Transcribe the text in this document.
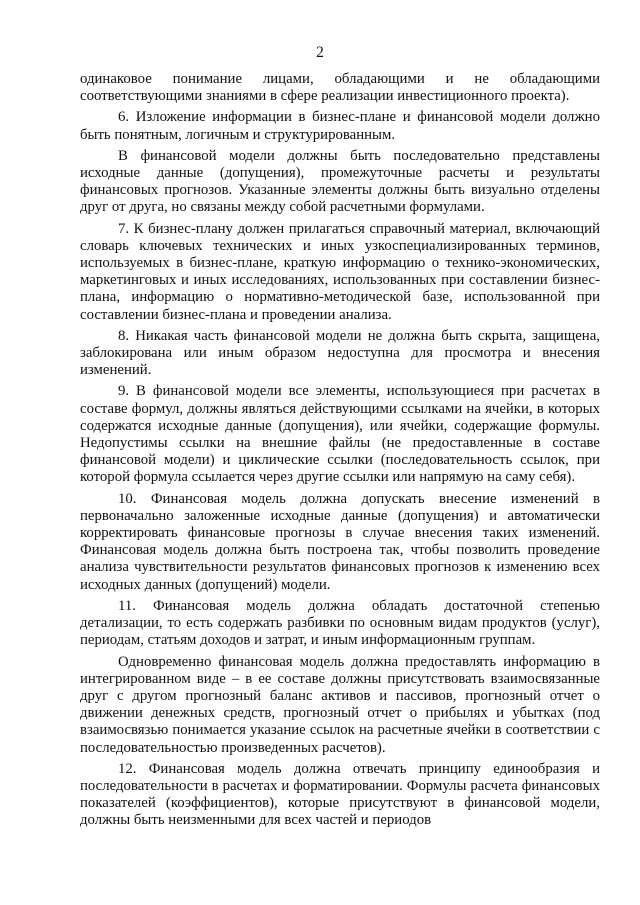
2

одинаковое понимание лицами, обладающими и не обладающими соответствующими знаниями в сфере реализации инвестиционного проекта).

6. Изложение информации в бизнес-плане и финансовой модели должно быть понятным, логичным и структурированным.

В финансовой модели должны быть последовательно представлены исходные данные (допущения), промежуточные расчеты и результаты финансовых прогнозов. Указанные элементы должны быть визуально отделены друг от друга, но связаны между собой расчетными формулами.

7. К бизнес-плану должен прилагаться справочный материал, включающий словарь ключевых технических и иных узкоспециализированных терминов, используемых в бизнес-плане, краткую информацию о технико-экономических, маркетинговых и иных исследованиях, использованных при составлении бизнес-плана, информацию о нормативно-методической базе, использованной при составлении бизнес-плана и проведении анализа.

8. Никакая часть финансовой модели не должна быть скрыта, защищена, заблокирована или иным образом недоступна для просмотра и внесения изменений.

9. В финансовой модели все элементы, использующиеся при расчетах в составе формул, должны являться действующими ссылками на ячейки, в которых содержатся исходные данные (допущения), или ячейки, содержащие формулы. Недопустимы ссылки на внешние файлы (не предоставленные в составе финансовой модели) и циклические ссылки (последовательность ссылок, при которой формула ссылается через другие ссылки или напрямую на саму себя).

10. Финансовая модель должна допускать внесение изменений в первоначально заложенные исходные данные (допущения) и автоматически корректировать финансовые прогнозы в случае внесения таких изменений. Финансовая модель должна быть построена так, чтобы позволить проведение анализа чувствительности результатов финансовых прогнозов к изменению всех исходных данных (допущений) модели.

11. Финансовая модель должна обладать достаточной степенью детализации, то есть содержать разбивки по основным видам продуктов (услуг), периодам, статьям доходов и затрат, и иным информационным группам.

Одновременно финансовая модель должна предоставлять информацию в интегрированном виде – в ее составе должны присутствовать взаимосвязанные друг с другом прогнозный баланс активов и пассивов, прогнозный отчет о движении денежных средств, прогнозный отчет о прибылях и убытках (под взаимосвязью понимается указание ссылок на расчетные ячейки в соответствии с последовательностью произведенных расчетов).

12. Финансовая модель должна отвечать принципу единообразия и последовательности в расчетах и форматировании. Формулы расчета финансовых показателей (коэффициентов), которые присутствуют в финансовой модели, должны быть неизменными для всех частей и периодов
